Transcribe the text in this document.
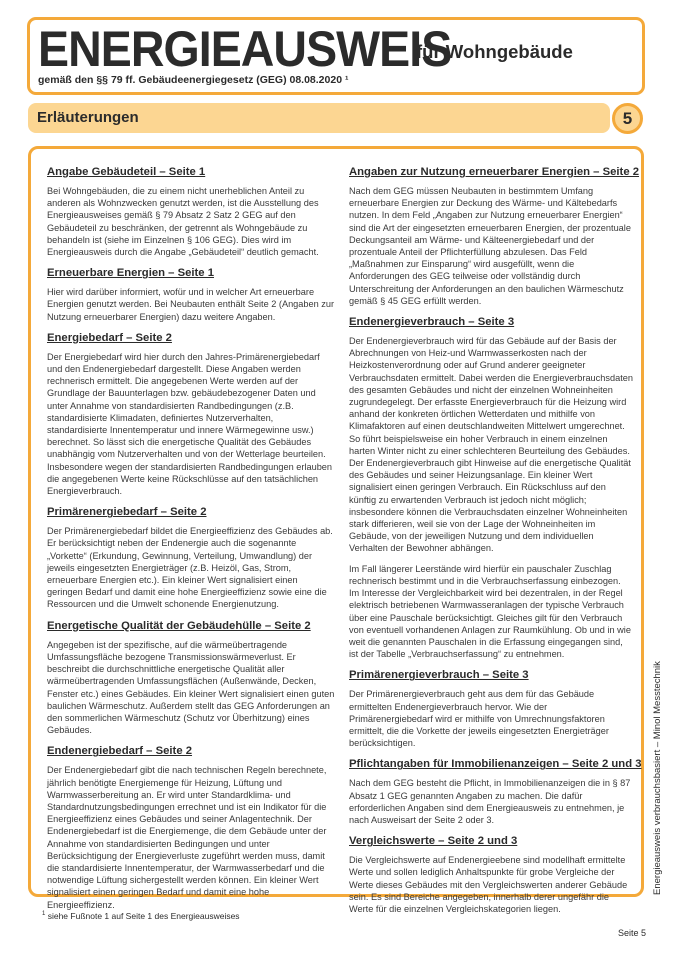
ENERGIEAUSWEIS
für Wohngebäude
gemäß den §§ 79 ff. Gebäudeenergiegesetz (GEG) 08.08.2020 ¹
Erläuterungen	5
Angabe Gebäudeteil – Seite 1
Bei Wohngebäuden, die zu einem nicht unerheblichen Anteil zu anderen als Wohnzwecken genutzt werden, ist die Ausstellung des Energieausweises gemäß § 79 Absatz 2 Satz 2 GEG auf den Gebäudeteil zu beschränken, der getrennt als Wohngebäude zu behandeln ist (siehe im Einzelnen § 106 GEG). Dies wird im Energieausweis durch die Angabe „Gebäudeteil“ deutlich gemacht.
Erneuerbare Energien – Seite 1
Hier wird darüber informiert, wofür und in welcher Art erneuerbare Energien genutzt werden. Bei Neubauten enthält Seite 2 (Angaben zur Nutzung erneuerbarer Energien) dazu weitere Angaben.
Energiebedarf – Seite 2
Der Energiebedarf wird hier durch den Jahres-Primärenergiebedarf und den Endenergiebedarf dargestellt. Diese Angaben werden rechnerisch ermittelt. Die angegebenen Werte werden auf der Grundlage der Bauunterlagen bzw. gebäudebezogener Daten und unter Annahme von standardisierten Randbedingungen (z.B. standardisierte Klimadaten, definiertes Nutzerverhalten, standardisierte Innentemperatur und innere Wärmegewinne usw.) berechnet. So lässt sich die energetische Qualität des Gebäudes unabhängig vom Nutzerverhalten und von der Wetterlage beurteilen. Insbesondere wegen der standardisierten Randbedingungen erlauben die angegebenen Werte keine Rückschlüsse auf den tatsächlichen Energieverbrauch.
Primärenergiebedarf – Seite 2
Der Primärenergiebedarf bildet die Energieeffizienz des Gebäudes ab. Er berücksichtigt neben der Endenergie auch die sogenannte „Vorkette“ (Erkundung, Gewinnung, Verteilung, Umwandlung) der jeweils eingesetzten Energieträger (z.B. Heizöl, Gas, Strom, erneuerbare Energien etc.). Ein kleiner Wert signalisiert einen geringen Bedarf und damit eine hohe Energieeffizienz sowie eine die Ressourcen und die Umwelt schonende Energienutzung.
Energetische Qualität der Gebäudehülle – Seite 2
Angegeben ist der spezifische, auf die wärmeübertragende Umfassungsfläche bezogene Transmissionswärmeverlust. Er beschreibt die durchschnittliche energetische Qualität aller wärmeübertragenden Umfassungsflächen (Außenwände, Decken, Fenster etc.) eines Gebäudes. Ein kleiner Wert signalisiert einen guten baulichen Wärmeschutz. Außerdem stellt das GEG Anforderungen an den sommerlichen Wärmeschutz (Schutz vor Überhitzung) eines Gebäudes.
Endenergiebedarf – Seite 2
Der Endenergiebedarf gibt die nach technischen Regeln berechnete, jährlich benötigte Energiemenge für Heizung, Lüftung und Warmwasserbereitung an. Er wird unter Standardklima- und Standardnutzungsbedingungen errechnet und ist ein Indikator für die Energieeffizienz eines Gebäudes und seiner Anlagentechnik. Der Endenergiebedarf ist die Energiemenge, die dem Gebäude unter der Annahme von standardisierten Bedingungen und unter Berücksichtigung der Energieverluste zugeführt werden muss, damit die standardisierte Innentemperatur, der Warmwasserbedarf und die notwendige Lüftung sichergestellt werden können. Ein kleiner Wert signalisiert einen geringen Bedarf und damit eine hohe Energieeffizienz.
Angaben zur Nutzung erneuerbarer Energien – Seite 2
Nach dem GEG müssen Neubauten in bestimmtem Umfang erneuerbare Energien zur Deckung des Wärme- und Kältebedarfs nutzen. In dem Feld „Angaben zur Nutzung erneuerbarer Energien“ sind die Art der eingesetzten erneuerbaren Energien, der prozentuale Deckungsanteil am Wärme- und Kälteenergiebedarf und der prozentuale Anteil der Pflichterfüllung abzulesen. Das Feld „Maßnahmen zur Einsparung“ wird ausgefüllt, wenn die Anforderungen des GEG teilweise oder vollständig durch Unterschreitung der Anforderungen an den baulichen Wärmeschutz gemäß § 45 GEG erfüllt werden.
Endenergieverbrauch – Seite 3
Der Endenergieverbrauch wird für das Gebäude auf der Basis der Abrechnungen von Heiz-und Warmwasserkosten nach der Heizkostenverordnung oder auf Grund anderer geeigneter Verbrauchsdaten ermittelt. Dabei werden die Energieverbrauchsdaten des gesamten Gebäudes und nicht der einzelnen Wohneinheiten zugrundegelegt. Der erfasste Energieverbrauch für die Heizung wird anhand der konkreten örtlichen Wetterdaten und mithilfe von Klimafaktoren auf einen deutschlandweiten Mittelwert umgerechnet. So führt beispielsweise ein hoher Verbrauch in einem einzelnen harten Winter nicht zu einer schlechteren Beurteilung des Gebäudes. Der Endenergieverbrauch gibt Hinweise auf die energetische Qualität des Gebäudes und seiner Heizungsanlage. Ein kleiner Wert signalisiert einen geringen Verbrauch. Ein Rückschluss auf den künftig zu erwartenden Verbrauch ist jedoch nicht möglich; insbesondere können die Verbrauchsdaten einzelner Wohneinheiten stark differieren, weil sie von der Lage der Wohneinheiten im Gebäude, von der jeweiligen Nutzung und dem individuellen Verhalten der Bewohner abhängen.
Im Fall längerer Leerstände wird hierfür ein pauschaler Zuschlag rechnerisch bestimmt und in die Verbrauchserfassung einbezogen. Im Interesse der Vergleichbarkeit wird bei dezentralen, in der Regel elektrisch betriebenen Warmwasseranlagen der typische Verbrauch über eine Pauschale berücksichtigt. Gleiches gilt für den Verbrauch von eventuell vorhandenen Anlagen zur Raumkühlung. Ob und in wie weit die genannten Pauschalen in die Erfassung eingegangen sind, ist der Tabelle „Verbrauchserfassung“ zu entnehmen.
Primärenergieverbrauch – Seite 3
Der Primärenergieverbrauch geht aus dem für das Gebäude ermittelten Endenergieverbrauch hervor. Wie der Primärenergiebedarf wird er mithilfe von Umrechnungsfaktoren ermittelt, die die Vorkette der jeweils eingesetzten Energieträger berücksichtigen.
Pflichtangaben für Immobilienanzeigen – Seite 2 und 3
Nach dem GEG besteht die Pflicht, in Immobilienanzeigen die in § 87 Absatz 1 GEG genannten Angaben zu machen. Die dafür erforderlichen Angaben sind dem Energieausweis zu entnehmen, je nach Ausweisart der Seite 2 oder 3.
Vergleichswerte – Seite 2 und 3
Die Vergleichswerte auf Endenergieebene sind modellhaft ermittelte Werte und sollen lediglich Anhaltspunkte für grobe Vergleiche der Werte dieses Gebäudes mit den Vergleichswerten anderer Gebäude sein. Es sind Bereiche angegeben, innerhalb derer ungefähr die Werte für die einzelnen Vergleichskategorien liegen.
Energieausweis verbrauchsbasiert – Minol Messtechnik
$^1$ siehe Fußnote 1 auf Seite 1 des Energieausweises
Seite 5
